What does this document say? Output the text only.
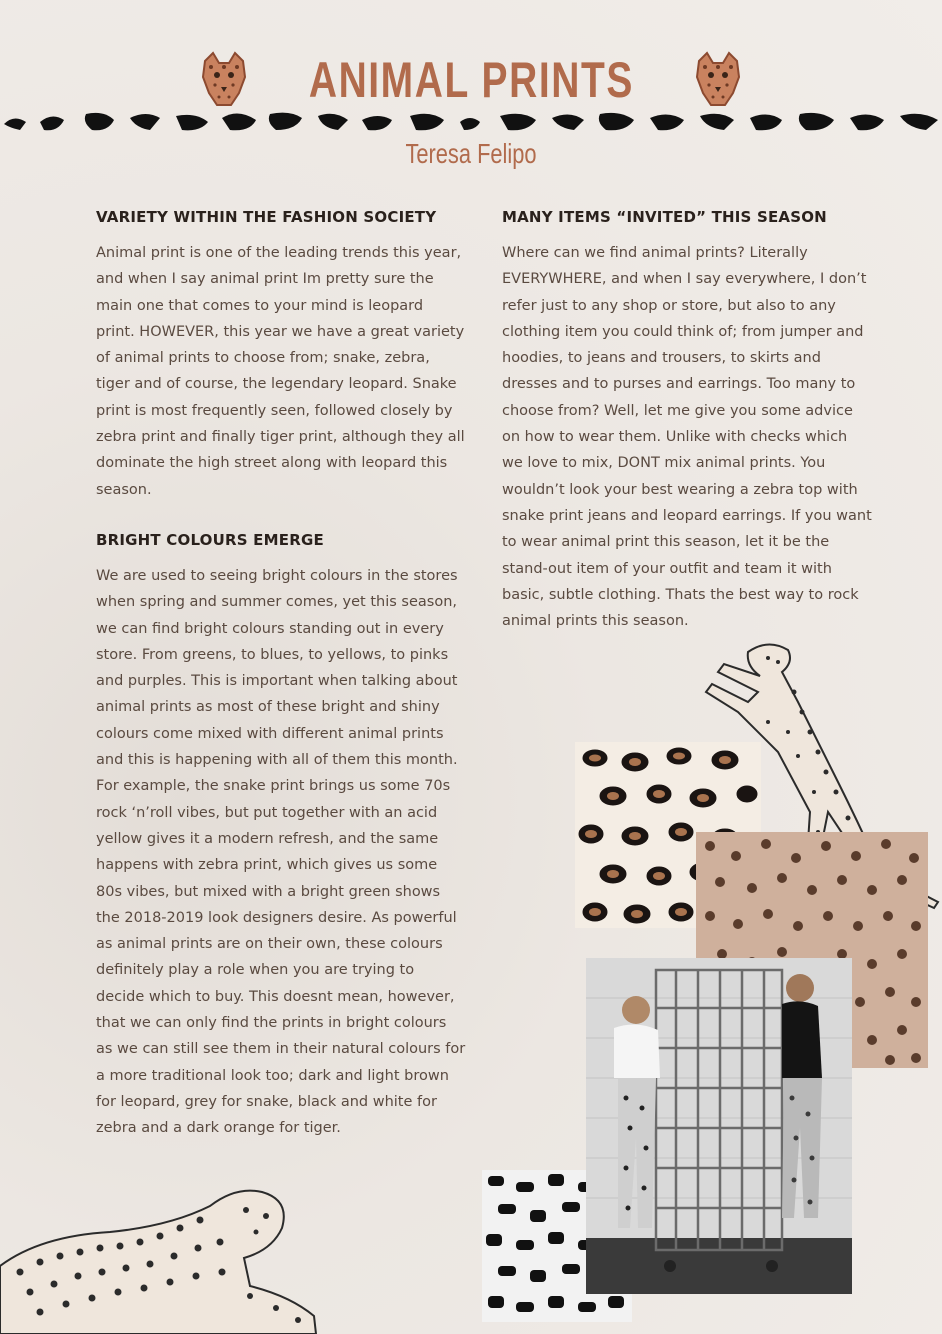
ANIMAL PRINTS
Teresa Felipo
VARIETY WITHIN THE FASHION SOCIETY

Animal print is one of the leading trends this year, and when I say animal print Im pretty sure the main one that comes to your mind is leopard print. HOWEVER, this year we have a great variety of animal prints to choose from; snake, zebra, tiger and of course, the legendary leopard. Snake print is most frequently seen, followed closely by zebra print and finally tiger print, although they all dominate the high street along with leopard this season.

BRIGHT COLOURS EMERGE

We are used to seeing bright colours in the stores when spring and summer comes, yet this season, we can find bright colours standing out in every store. From greens, to blues, to yellows, to pinks and purples. This is important when talking about animal prints as most of these bright and shiny colours come mixed with different animal prints and this is happening with all of them this month. For example, the snake print brings us some 70s rock ‘n’roll vibes, but put together with an acid yellow gives it a modern refresh, and the same happens with zebra print, which gives us some 80s vibes, but mixed with a bright green shows the 2018-2019 look designers desire. As powerful as animal prints are on their own, these colours definitely play a role when you are trying to decide which to buy. This doesnt mean, however, that we can only find the prints in bright colours as we can still see them in their natural colours for a more traditional look too; dark and light brown for leopard, grey for snake, black and white for zebra and a dark orange for tiger.

MANY ITEMS “INVITED” THIS SEASON

Where can we find animal prints? Literally EVERYWHERE, and when I say everywhere, I don’t refer just to any shop or store, but also to any clothing item you could think of; from jumper and hoodies, to jeans and trousers, to skirts and dresses and to purses and earrings. Too many to choose from? Well, let me give you some advice on how to wear them. Unlike with checks which we love to mix, DONT mix animal prints. You wouldn’t look your best wearing a zebra top with snake print jeans and leopard earrings. If you want to wear animal print this season, let it be the stand-out item of your outfit and team it with basic, subtle clothing. Thats the best way to rock animal prints this season.
